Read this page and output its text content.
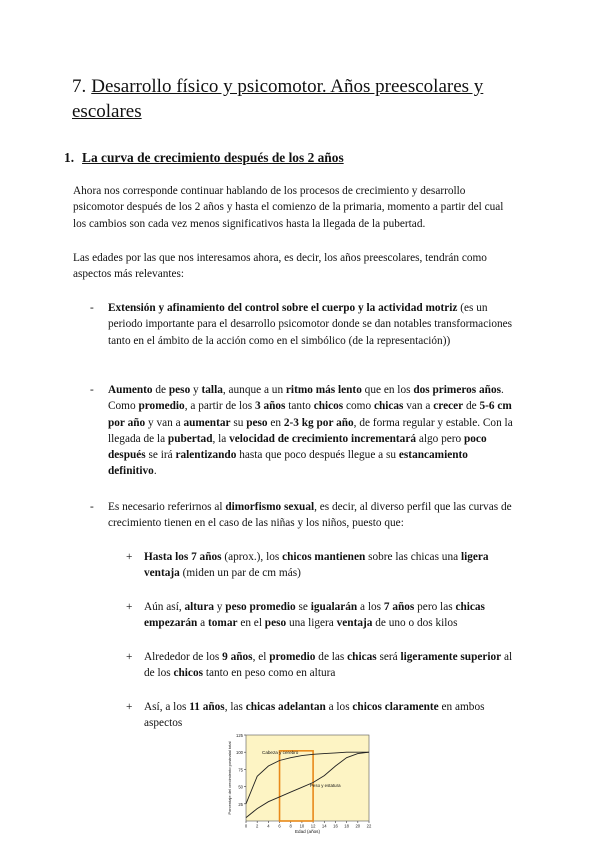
7. Desarrollo físico y psicomotor. Años preescolares y escolares
1. La curva de crecimiento después de los 2 años

Ahora nos corresponde continuar hablando de los procesos de crecimiento y desarrollo psicomotor después de los 2 años y hasta el comienzo de la primaria, momento a partir del cual los cambios son cada vez menos significativos hasta la llegada de la pubertad.

Las edades por las que nos interesamos ahora, es decir, los años preescolares, tendrán como aspectos más relevantes:

- Extensión y afinamiento del control sobre el cuerpo y la actividad motriz (es un periodo importante para el desarrollo psicomotor donde se dan notables transformaciones tanto en el ámbito de la acción como en el simbólico (de la representación))
- Aumento de peso y talla, aunque a un ritmo más lento que en los dos primeros años. Como promedio, a partir de los 3 años tanto chicos como chicas van a crecer de 5-6 cm por año y van a aumentar su peso en 2-3 kg por año, de forma regular y estable. Con la llegada de la pubertad, la velocidad de crecimiento incrementará algo pero poco después se irá ralentizando hasta que poco después llegue a su estancamiento definitivo.
- Es necesario referirnos al dimorfismo sexual, es decir, al diverso perfil que las curvas de crecimiento tienen en el caso de las niñas y los niños, puesto que:
+ Hasta los 7 años (aprox.), los chicos mantienen sobre las chicas una ligera ventaja (miden un par de cm más)
+ Aún así, altura y peso promedio se igualarán a los 7 años pero las chicas empezarán a tomar en el peso una ligera ventaja de uno o dos kilos
+ Alrededor de los 9 años, el promedio de las chicas será ligeramente superior al de los chicos tanto en peso como en altura
+ Así, a los 11 años, las chicas adelantan a los chicos claramente en ambos aspectos
125
100
75
50
25
0 2 4 6 8 10 12 14 16 18 20 22
Cabeza y cerebro
Peso y estatura
Edad (años)
Porcentaje del crecimiento postnatal total
